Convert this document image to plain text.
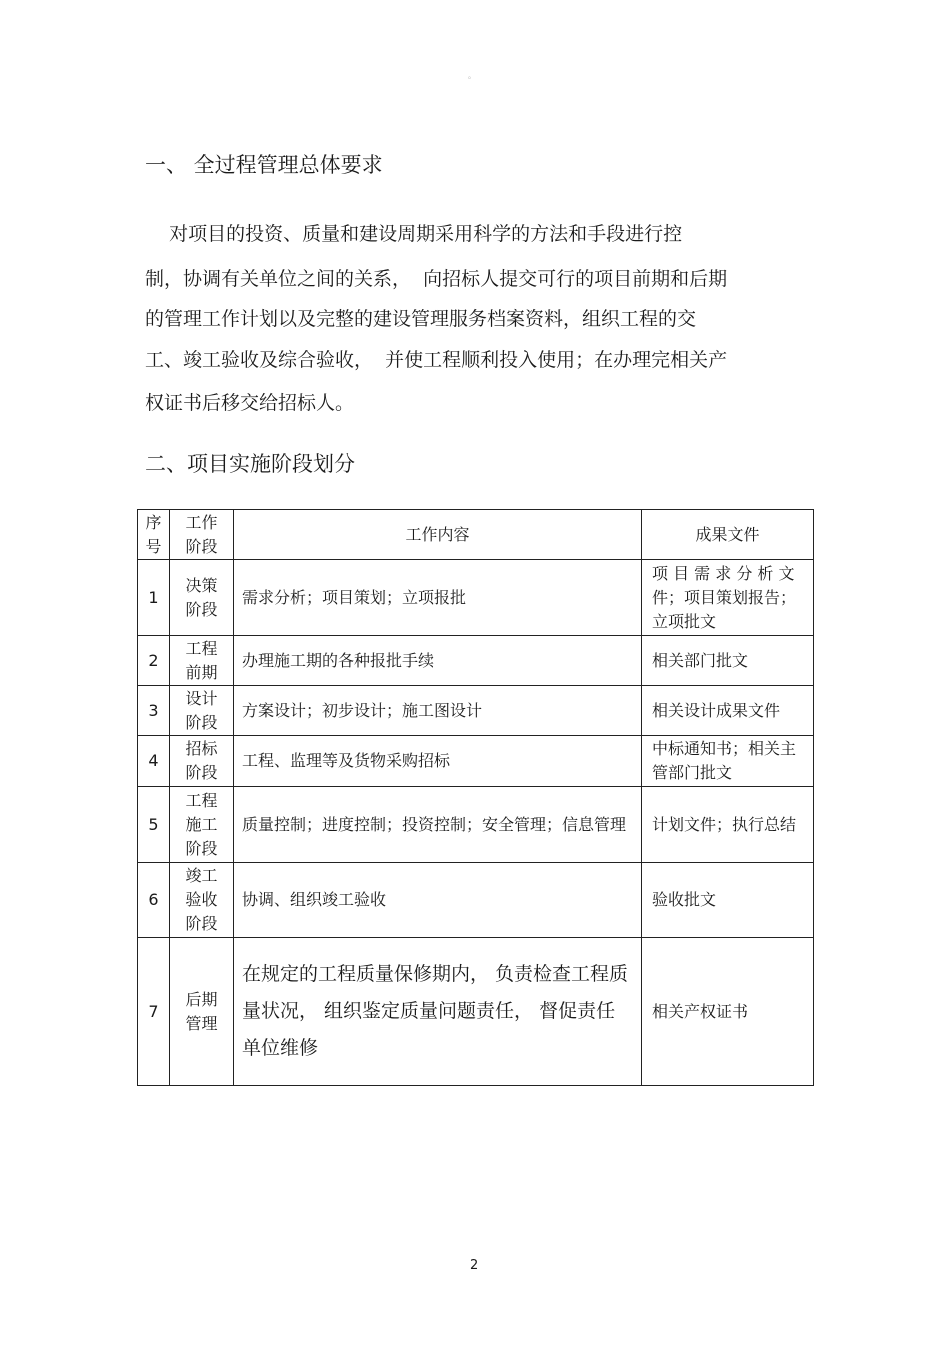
。
一、 全过程管理总体要求
对项目的投资、质量和建设周期采用科学的方法和手段进行控
制，协调有关单位之间的关系，  向招标人提交可行的项目前期和后期
的管理工作计划以及完整的建设管理服务档案资料，组织工程的交
工、竣工验收及综合验收，  并使工程顺利投入使用；在办理完相关产
权证书后移交给招标人。
二、项目实施阶段划分
序号	工作阶段	工作内容	成果文件
1	决策阶段	需求分析；项目策划；立项报批	项 目 需 求 分 析 文件；项目策划报告；立项批文
2	工程前期	办理施工期的各种报批手续	相关部门批文
3	设计阶段	方案设计；初步设计；施工图设计	相关设计成果文件
4	招标阶段	工程、监理等及货物采购招标	中标通知书；相关主管部门批文
5	工程施工阶段	质量控制；进度控制；投资控制；安全管理；信息管理	计划文件；执行总结
6	竣工验收阶段	协调、组织竣工验收	验收批文
7	后期管理	在规定的工程质量保修期内， 负责检查工程质量状况， 组织鉴定质量问题责任， 督促责任单位维修	相关产权证书
2
